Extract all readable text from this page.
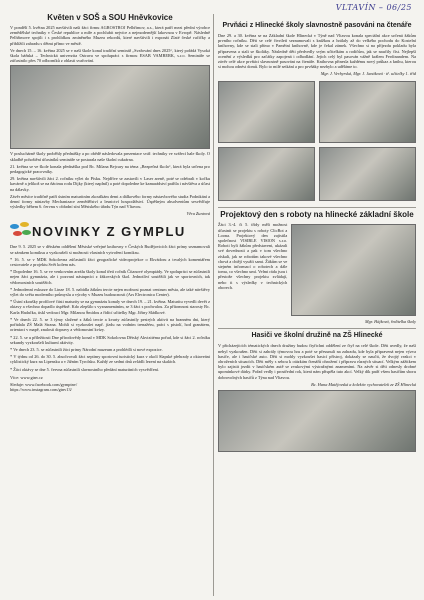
VLTAVÍN – 06/25
Květen v SOŠ a SOU Hněvkovice

V pondělí 5. května 2025 navštívili naši žáci firmu AGROSTROJ Pelhřimov, a.s., která patří mezi přední výrobce zemědělské techniky v České republice a míře a pochlubit nejvíce a nejmodernější lakovnou v Evropě. Následně Pelhřimove spojili i s prohlídkou zmíněného Muzea rekordů, které navštívili i exponát Zlaté české ručičky a přiblížili zahradu s dětmi přímo ve městě.

Ve dnech 15. – 16. května 2025 se v naší škole konal tradiční seminář „Svařování dnes 2025“, který pořádá Vysoká škola báňská – Technická univerzita Ostrava ve spolupráci s firmou ESAB VAMBERK, s.r.o. Semináře se zúčastnilo přes 70 odborníků z oblasti svařování.

V posluchárně školy proběhly přednášky a po obědě následovala prezentace svář. techniky ve svářecí hale školy. O skladbě pohoštění účastníků semináře se postarala naše školní cukrárna.

21. května se ve škole konala přednáška pod Bc. Milana Bejcury na téma „Bezpečná škola“, která byla určena pro pedagogické pracovníky.

29. května navštívili žáci 2. ročníku výlet do Písku. Nejdříve se zastavili v Laser areně, poté se odebrali v kočku kavárně a jelikož se na ňácimu rodu Dijky (který naplnil) a poté dopoledne ke kamarádství patřila i návštěva a účast na dálavky.

Závěr měsíce tradičně patří ústním maturitním zkouškám demi a dálkového formy nástavbového studia Podnikání a denní formy nástavby Mechanizace zemědělství a lesnictví hospodářství. Úspěšným absolventům sesvědčuje výsledky během 6. červnu v obřadní síni Městského úřadu Týn nad Vltavou.

Věra Zuntová
NOVINKY Z GYMPLU

Dne 9. 5. 2025 se v dětském oddělení Městské veřejné knihovny v Českých Budějovicích žáci prímy seznamovali se zámkem komiksu a vyzkoušeli si možnosti vlastních vytvoření komiksu.

* 16. 5. se v MDK Sokolovna zúčastnili žáci geografické videoprojekce o Ekvádoru a trvalých komentářem cestovatele z projektu Svět kolem nás.

* Dopoledne 16. 5. se ve venkovním areálu školy konal třetí ročník Čítanové olympiády. Ve spolupráci se zúčastnili nejen žáci gymnázia, ale i pozvaní nástupníci z žákovských škol. Jednotliví soutěžili jak ve sportovních, tak vědomostních soutěžích.

* Jednodenní exkurze do Linze 18. 5. nabídla žákům tercie nejen možnost poznat centrum města, ale také návštěvy výlet do světa moderního průmyslu a výroby v Muzeu budoucnosti (Ars Electronica Center).

* Ústní zkoušky profilové části maturity se na gymnáziu konaly ve dnech 19. – 21. května. Maturitu vyvedli devět z oktavy a všechno dopadlo úspěšně. Kdo zlepšilo s vyznamenáním, se 3 žáci s pochvalou. Za přítomnost starosty Bc. Karla Hadačka, tiskl vedoucí Mgr. Milanou Šmídou a řídící učitelky Mgr. Jiřiny Sládkové.

* Ve dnech 22. 5. se 3 týmy složené z žáků tercie a kvarty zúčastnily pestrých aktivit na branném dni, který pořádala ZŠ Malá Strana. Mohli si vyzkoušet např. jízdu na vodním trenažéru, práci s pistolí, hod granátem, orientaci v mapě, znalosti dopravy a vědomostní kvízy.

* 22. 5. se u příležitosti Dne přírodovědy konal v MDK Sokolovna Dětský Akvizitéma pořad, kde si žáci 2. ročníku sekundy vyzkoušeli kulturní aktivity.

* Ve dnech 23. 5. se zúčastnili žáci primy Národní muzeum a prohlédli si nové expozice.

* V týdnu od 26. do 30. 5. absolvovali žáci septimy sportovní turistický kurz v okolí Slapské přehrady a oktaveáni cyklistický kurz na Lipensku a v Jižním Tyrolsku. Každý ze sedmi dnů zvládli lezení na skalách.

* Žáci oktávy se dne 5. června zúčastnili slavnostního předání maturitních vysvědčení.

Více: www.gtnv.cz

Sleduje: www.facebook.com/gymptnv/
https://www.instagram.com/gtnv13/

Prvňáci z Hlinecké školy slavnostně pasováni na čtenáře

Dne 29. a 30. května se na Základní škole Hlinecká v Týně nad Vltavou konala speciální akce určená žákům prvního ročníku. Děti se celé čtvrtletí seznamovali s knížkou a hrálaly až do velkého pochodu do Kostelní knihovny, kde se stali přímo v Pamětní knihovně, kde je čekal zámek. Všechno si na příjezdu pokladu byla připravena a stali se školáky. Následně děti předvedly svým učitelkám a rodičům, jak se naučily číst. Nejlepší ocenění z výsledků pro začátky zapojená i odhodlání. Jejich celý byl pasován vážně králem Ferdinandem. Na závěr celé akce prvňáci slavnostně pasováni na čtenáře. Knihovna přinesla každému nový průkaz a knihu, kterou si mohou odnést domů. Bylo to milé setkání a pro prvňáky nezbylo a uděláme to.

Mgr. J. Verbyrská, Mgr. J. Janáková · tř. učitelky 1. tříd
Projektový den s roboty na hlinecké základní škole

Žáci 3.-4. či 5. třídy měli možnost účastnit se projektu s roboty ClicBot a Loona. Projektový den zajistila společnost VISIBLE VISION s.r.o. Roboti byli žákům představeni, ukázali své dovednosti a pak v tom všechno získali, jak se robotům takové všechno chová a chtějí využít sami. Žákům se ve stejném informací o robotech a dále tomu, co všechno umí. Velmi ráda jsou i přestože všechny projektu zvládají, nebo ti s výsledky v technických oborech.

Mgr. Hájková, ředitelka školy
Hasiči ve školní družině na ZŠ Hlinecké

V přicházejících tématických dnech družiny budou čtyřichni oddělení ze čtyř na celé škole. Děti uvedly, že naší nebyl vyzkoušen. Děti si zahrály týmovou hru a poté se přesunuli na zahradu, kde byla připravená nejen výzva hasiče, ale i hasičské auto. Děti si mohly vyzkoušet hasicí přístroj, dokázaly se naučit, že dvojtý reakci v ohroženích situacích. Děti měly s sebou k otázkám čtenářů ohrožení i přípravu různých situací. Velkým zážitkem bylo zajistit jezdit v hasičském autě se zvukovými výstražnými znameními. Na závěr si děti odnesly drobné upomínkové dárky. Pořad vedly i prostřední rok, která nám přispěla tuto akcí. Velký dík patří všem hasičům sboru dobrovolných hasičů z Týna nad Vltavou.

Bc. Hana Matějovská a kolektiv vychovatelek ze ZŠ Hlinecká
